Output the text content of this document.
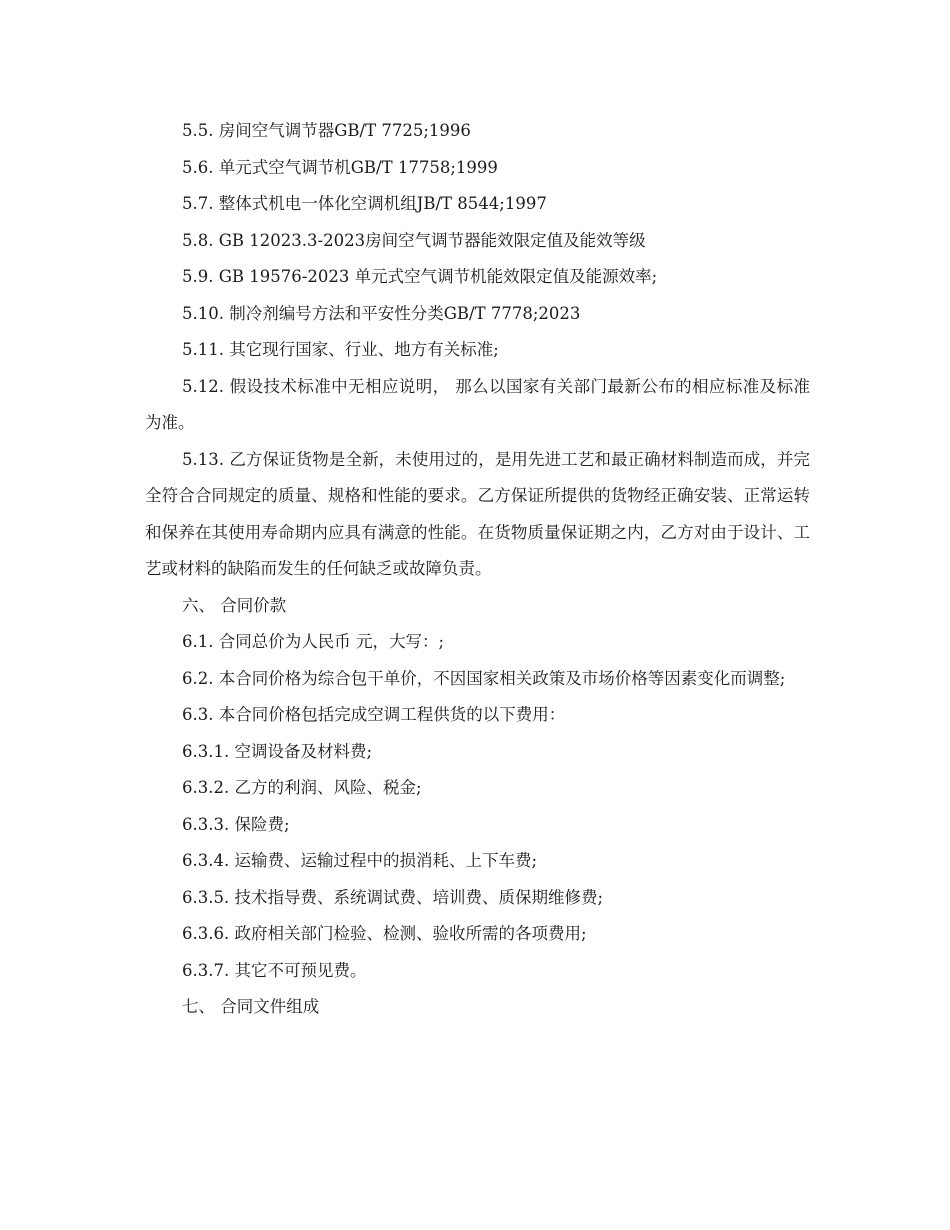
5.5. 房间空气调节器GB/T 7725;1996

5.6. 单元式空气调节机GB/T 17758;1999

5.7. 整体式机电一体化空调机组JB/T 8544;1997

5.8. GB 12023.3-2023房间空气调节器能效限定值及能效等级

5.9. GB 19576-2023 单元式空气调节机能效限定值及能源效率;

5.10. 制冷剂编号方法和平安性分类GB/T 7778;2023

5.11. 其它现行国家、行业、地方有关标准;

5.12. 假设技术标准中无相应说明， 那么以国家有关部门最新公布的相应标准及标准为准。

5.13. 乙方保证货物是全新，未使用过的，是用先进工艺和最正确材料制造而成，并完全符合合同规定的质量、规格和性能的要求。乙方保证所提供的货物经正确安装、正常运转和保养在其使用寿命期内应具有满意的性能。在货物质量保证期之内，乙方对由于设计、工艺或材料的缺陷而发生的任何缺乏或故障负责。

六、 合同价款

6.1. 合同总价为人民币 元，大写：;

6.2. 本合同价格为综合包干单价，不因国家相关政策及市场价格等因素变化而调整;

6.3. 本合同价格包括完成空调工程供货的以下费用：

6.3.1. 空调设备及材料费;

6.3.2. 乙方的利润、风险、税金;

6.3.3. 保险费;

6.3.4. 运输费、运输过程中的损消耗、上下车费;

6.3.5. 技术指导费、系统调试费、培训费、质保期维修费;

6.3.6. 政府相关部门检验、检测、验收所需的各项费用;

6.3.7. 其它不可预见费。

七、 合同文件组成
